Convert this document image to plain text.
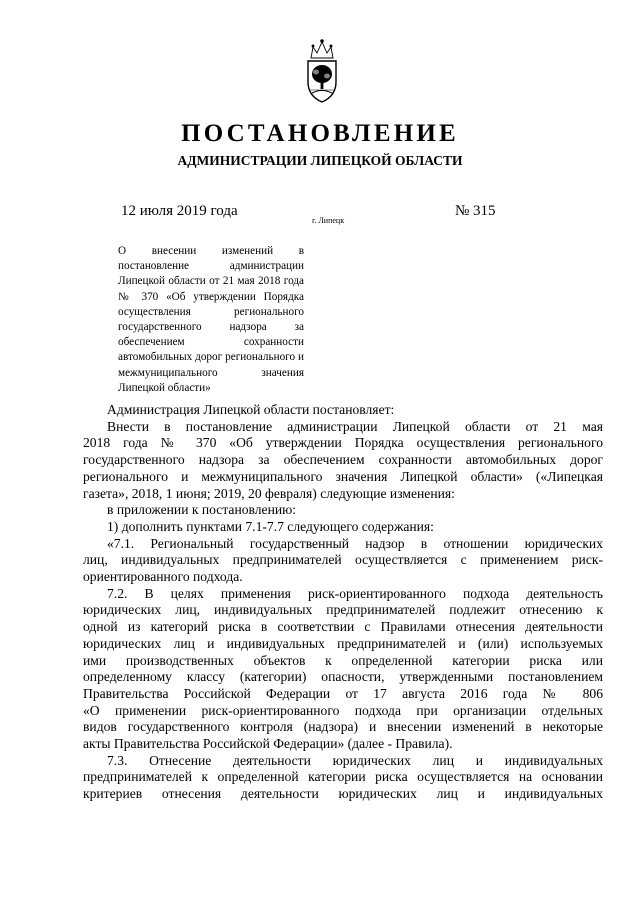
ПОСТАНОВЛЕНИЕ
АДМИНИСТРАЦИИ ЛИПЕЦКОЙ ОБЛАСТИ
12 июля 2019 года
г. Липецк
№ 315
О внесении изменений в постановление администрации Липецкой области от 21 мая 2018 года № 370 «Об утверждении Порядка осуществления регионального государственного надзора за обеспечением сохранности автомобильных дорог регионального и межмуниципального значения Липецкой области»

Администрация Липецкой области постановляет:

Внести в постановление администрации Липецкой области от 21 мая

2018 года № 370 «Об утверждении Порядка осуществления регионального

государственного надзора за обеспечением сохранности автомобильных дорог

регионального и межмуниципального значения Липецкой области» («Липецкая

газета», 2018, 1 июня; 2019, 20 февраля) следующие изменения:

в приложении к постановлению:

1) дополнить пунктами 7.1-7.7 следующего содержания:

«7.1. Региональный государственный надзор в отношении юридических

лиц, индивидуальных предпринимателей осуществляется с применением риск-

ориентированного подхода.

7.2. В целях применения риск-ориентированного подхода деятельность

юридических лиц, индивидуальных предпринимателей подлежит отнесению к

одной из категорий риска в соответствии с Правилами отнесения деятельности

юридических лиц и индивидуальных предпринимателей и (или) используемых

ими производственных объектов к определенной категории риска или

определенному классу (категории) опасности, утвержденными постановлением

Правительства Российской Федерации от 17 августа 2016 года № 806

«О применении риск-ориентированного подхода при организации отдельных

видов государственного контроля (надзора) и внесении изменений в некоторые

акты Правительства Российской Федерации» (далее - Правила).

7.3. Отнесение деятельности юридических лиц и индивидуальных

предпринимателей к определенной категории риска осуществляется на основании

критериев отнесения деятельности юридических лиц и индивидуальных
